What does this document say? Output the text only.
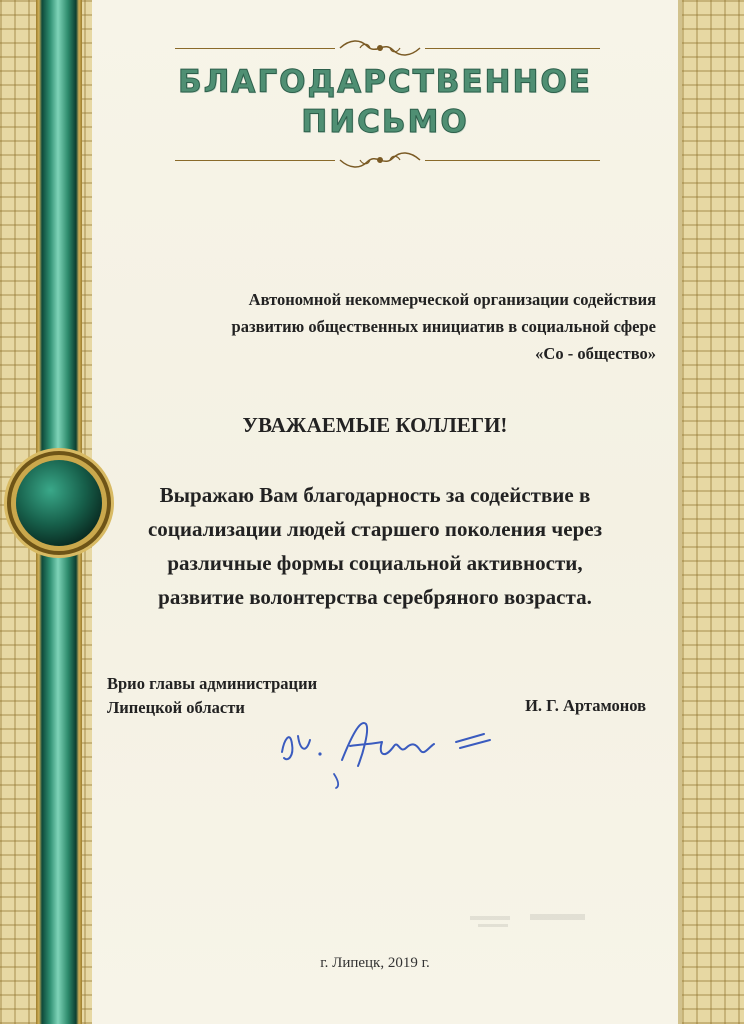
БЛАГОДАРСТВЕННОЕ
ПИСЬМО
Автономной некоммерческой организации содействия
развитию общественных инициатив в социальной сфере
«Со - общество»
УВАЖАЕМЫЕ КОЛЛЕГИ!
Выражаю Вам благодарность за содействие в
социализации людей старшего поколения через
различные формы социальной активности,
развитие волонтерства серебряного возраста.
Врио главы администрации
Липецкой области	И. Г. Артамонов
г. Липецк, 2019 г.
